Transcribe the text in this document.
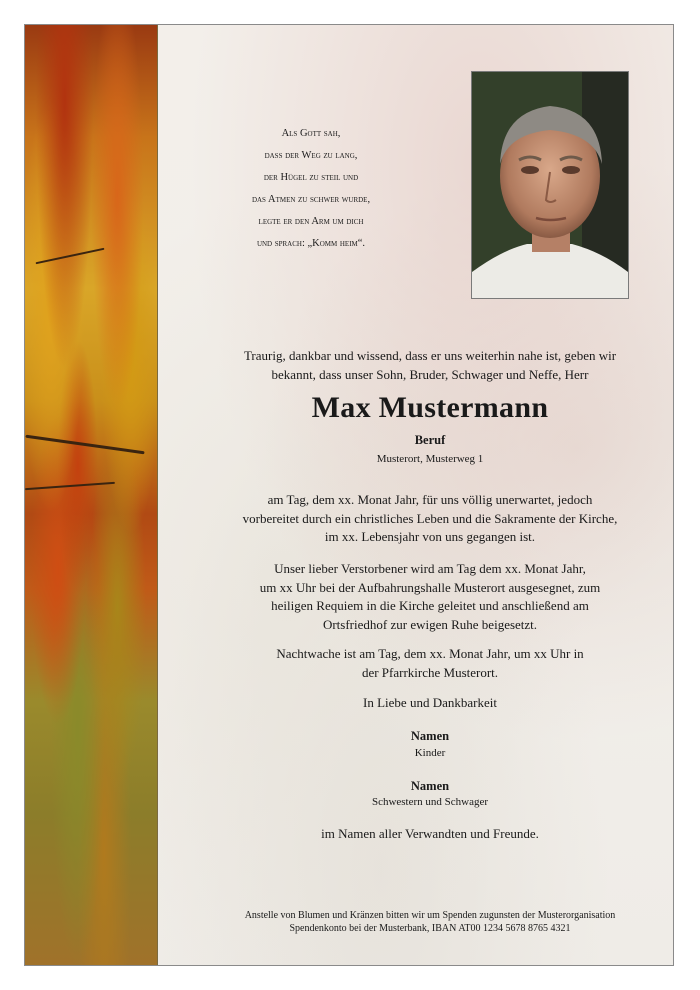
Als Gott sah,
dass der Weg zu lang,
der Hügel zu steil und
das Atmen zu schwer wurde,
legte er den Arm um dich
und sprach: „Komm heim“.
Traurig, dankbar und wissend, dass er uns weiterhin nahe ist, geben wir
bekannt, dass unser Sohn, Bruder, Schwager und Neffe, Herr
Max Mustermann
Beruf
Musterort, Musterweg 1
am Tag, dem xx. Monat Jahr, für uns völlig unerwartet, jedoch
vorbereitet durch ein christliches Leben und die Sakramente der Kirche,
im xx. Lebensjahr von uns gegangen ist.
Unser lieber Verstorbener wird am Tag dem xx. Monat Jahr,
um xx Uhr bei der Aufbahrungshalle Musterort ausgesegnet, zum
heiligen Requiem in die Kirche geleitet und anschließend am
Ortsfriedhof zur ewigen Ruhe beigesetzt.
Nachtwache ist am Tag, dem xx. Monat Jahr, um xx Uhr in
der Pfarrkirche Musterort.
In Liebe und Dankbarkeit
Namen
Kinder
Namen
Schwestern und Schwager
im Namen aller Verwandten und Freunde.
Anstelle von Blumen und Kränzen bitten wir um Spenden zugunsten der Musterorganisation
Spendenkonto bei der Musterbank, IBAN AT00 1234 5678 8765 4321
